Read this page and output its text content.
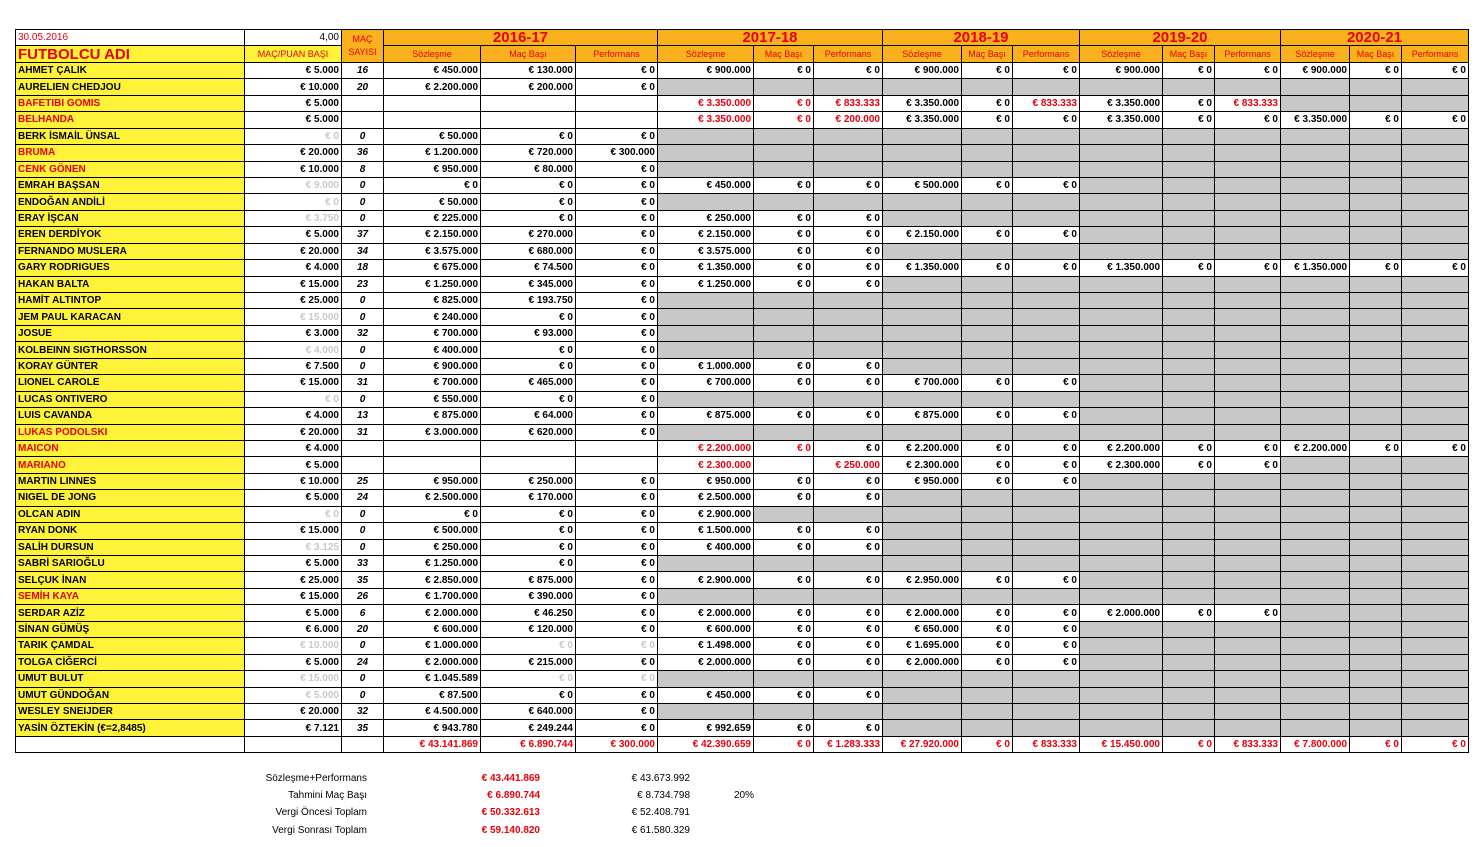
30.05.2016	4,00	MAÇ SAYISI	2016-17			2017-18			2018-19			2019-20			2020-21		
FUTBOLCU ADI	MAÇ/PUAN BAŞI		Sözleşme	Maç Başı	Performans	Sözleşme	Maç Başı	Performans	Sözleşme	Maç Başı	Performans	Sözleşme	Maç Başı	Performans	Sözleşme	Maç Başı	Performans
AHMET ÇALIK	€ 5.000	16	€ 450.000	€ 130.000	€ 0	€ 900.000	€ 0	€ 0	€ 900.000	€ 0	€ 0	€ 900.000	€ 0	€ 0	€ 900.000	€ 0	€ 0
AURELIEN CHEDJOU	€ 10.000	20	€ 2.200.000	€ 200.000	€ 0												
BAFETIBI GOMIS	€ 5.000					€ 3.350.000	€ 0	€ 833.333	€ 3.350.000	€ 0	€ 833.333	€ 3.350.000	€ 0	€ 833.333			
BELHANDA	€ 5.000					€ 3.350.000	€ 0	€ 200.000	€ 3.350.000	€ 0	€ 0	€ 3.350.000	€ 0	€ 0	€ 3.350.000	€ 0	€ 0
BERK İSMAİL ÜNSAL	€ 0	0	€ 50.000	€ 0	€ 0												
BRUMA	€ 20.000	36	€ 1.200.000	€ 720.000	€ 300.000												
CENK GÖNEN	€ 10.000	8	€ 950.000	€ 80.000	€ 0												
EMRAH BAŞSAN	€ 9.000	0	€ 0	€ 0	€ 0	€ 450.000	€ 0	€ 0	€ 500.000	€ 0	€ 0						
ENDOĞAN ANDİLİ	€ 0	0	€ 50.000	€ 0	€ 0												
ERAY İŞCAN	€ 3.750	0	€ 225.000	€ 0	€ 0	€ 250.000	€ 0	€ 0									
EREN DERDİYOK	€ 5.000	37	€ 2.150.000	€ 270.000	€ 0	€ 2.150.000	€ 0	€ 0	€ 2.150.000	€ 0	€ 0						
FERNANDO MUSLERA	€ 20.000	34	€ 3.575.000	€ 680.000	€ 0	€ 3.575.000	€ 0	€ 0									
GARY RODRIGUES	€ 4.000	18	€ 675.000	€ 74.500	€ 0	€ 1.350.000	€ 0	€ 0	€ 1.350.000	€ 0	€ 0	€ 1.350.000	€ 0	€ 0	€ 1.350.000	€ 0	€ 0
HAKAN BALTA	€ 15.000	23	€ 1.250.000	€ 345.000	€ 0	€ 1.250.000	€ 0	€ 0									
HAMİT ALTINTOP	€ 25.000	0	€ 825.000	€ 193.750	€ 0												
JEM PAUL KARACAN	€ 15.000	0	€ 240.000	€ 0	€ 0												
JOSUE	€ 3.000	32	€ 700.000	€ 93.000	€ 0												
KOLBEINN SIGTHORSSON	€ 4.000	0	€ 400.000	€ 0	€ 0												
KORAY GÜNTER	€ 7.500	0	€ 900.000	€ 0	€ 0	€ 1.000.000	€ 0	€ 0									
LIONEL CAROLE	€ 15.000	31	€ 700.000	€ 465.000	€ 0	€ 700.000	€ 0	€ 0	€ 700.000	€ 0	€ 0						
LUCAS ONTIVERO	€ 0	0	€ 550.000	€ 0	€ 0												
LUIS CAVANDA	€ 4.000	13	€ 875.000	€ 64.000	€ 0	€ 875.000	€ 0	€ 0	€ 875.000	€ 0	€ 0						
LUKAS PODOLSKI	€ 20.000	31	€ 3.000.000	€ 620.000	€ 0												
MAICON	€ 4.000					€ 2.200.000	€ 0	€ 0	€ 2.200.000	€ 0	€ 0	€ 2.200.000	€ 0	€ 0	€ 2.200.000	€ 0	€ 0
MARIANO	€ 5.000					€ 2.300.000		€ 250.000	€ 2.300.000	€ 0	€ 0	€ 2.300.000	€ 0	€ 0			
MARTIN LINNES	€ 10.000	25	€ 950.000	€ 250.000	€ 0	€ 950.000	€ 0	€ 0	€ 950.000	€ 0	€ 0						
NIGEL DE JONG	€ 5.000	24	€ 2.500.000	€ 170.000	€ 0	€ 2.500.000	€ 0	€ 0									
OLCAN ADIN	€ 0	0	€ 0	€ 0	€ 0	€ 2.900.000											
RYAN DONK	€ 15.000	0	€ 500.000	€ 0	€ 0	€ 1.500.000	€ 0	€ 0									
SALİH DURSUN	€ 3.125	0	€ 250.000	€ 0	€ 0	€ 400.000	€ 0	€ 0									
SABRİ SARIOĞLU	€ 5.000	33	€ 1.250.000	€ 0	€ 0												
SELÇUK İNAN	€ 25.000	35	€ 2.850.000	€ 875.000	€ 0	€ 2.900.000	€ 0	€ 0	€ 2.950.000	€ 0	€ 0						
SEMİH KAYA	€ 15.000	26	€ 1.700.000	€ 390.000	€ 0												
SERDAR AZİZ	€ 5.000	6	€ 2.000.000	€ 46.250	€ 0	€ 2.000.000	€ 0	€ 0	€ 2.000.000	€ 0	€ 0	€ 2.000.000	€ 0	€ 0			
SİNAN GÜMÜŞ	€ 6.000	20	€ 600.000	€ 120.000	€ 0	€ 600.000	€ 0	€ 0	€ 650.000	€ 0	€ 0						
TARIK ÇAMDAL	€ 10.000	0	€ 1.000.000	€ 0	€ 0	€ 1.498.000	€ 0	€ 0	€ 1.695.000	€ 0	€ 0						
TOLGA CİĞERCİ	€ 5.000	24	€ 2.000.000	€ 215.000	€ 0	€ 2.000.000	€ 0	€ 0	€ 2.000.000	€ 0	€ 0						
UMUT BULUT	€ 15.000	0	€ 1.045.589	€ 0	€ 0												
UMUT GÜNDOĞAN	€ 5.000	0	€ 87.500	€ 0	€ 0	€ 450.000	€ 0	€ 0									
WESLEY SNEIJDER	€ 20.000	32	€ 4.500.000	€ 640.000	€ 0												
YASİN ÖZTEKİN (€=2,8485)	€ 7.121	35	€ 943.780	€ 249.244	€ 0	€ 992.659	€ 0	€ 0									
			€ 43.141.869	€ 6.890.744	€ 300.000	€ 42.390.659	€ 0	€ 1.283.333	€ 27.920.000	€ 0	€ 833.333	€ 15.450.000	€ 0	€ 833.333	€ 7.800.000	€ 0	€ 0
Sözleşme+Performans	€ 43.441.869	€ 43.673.992	
Tahmini Maç Başı	€ 6.890.744	€ 8.734.798	20%
Vergi Öncesi Toplam	€ 50.332.613	€ 52.408.791	
Vergi Sonrası Toplam	€ 59.140.820	€ 61.580.329	
